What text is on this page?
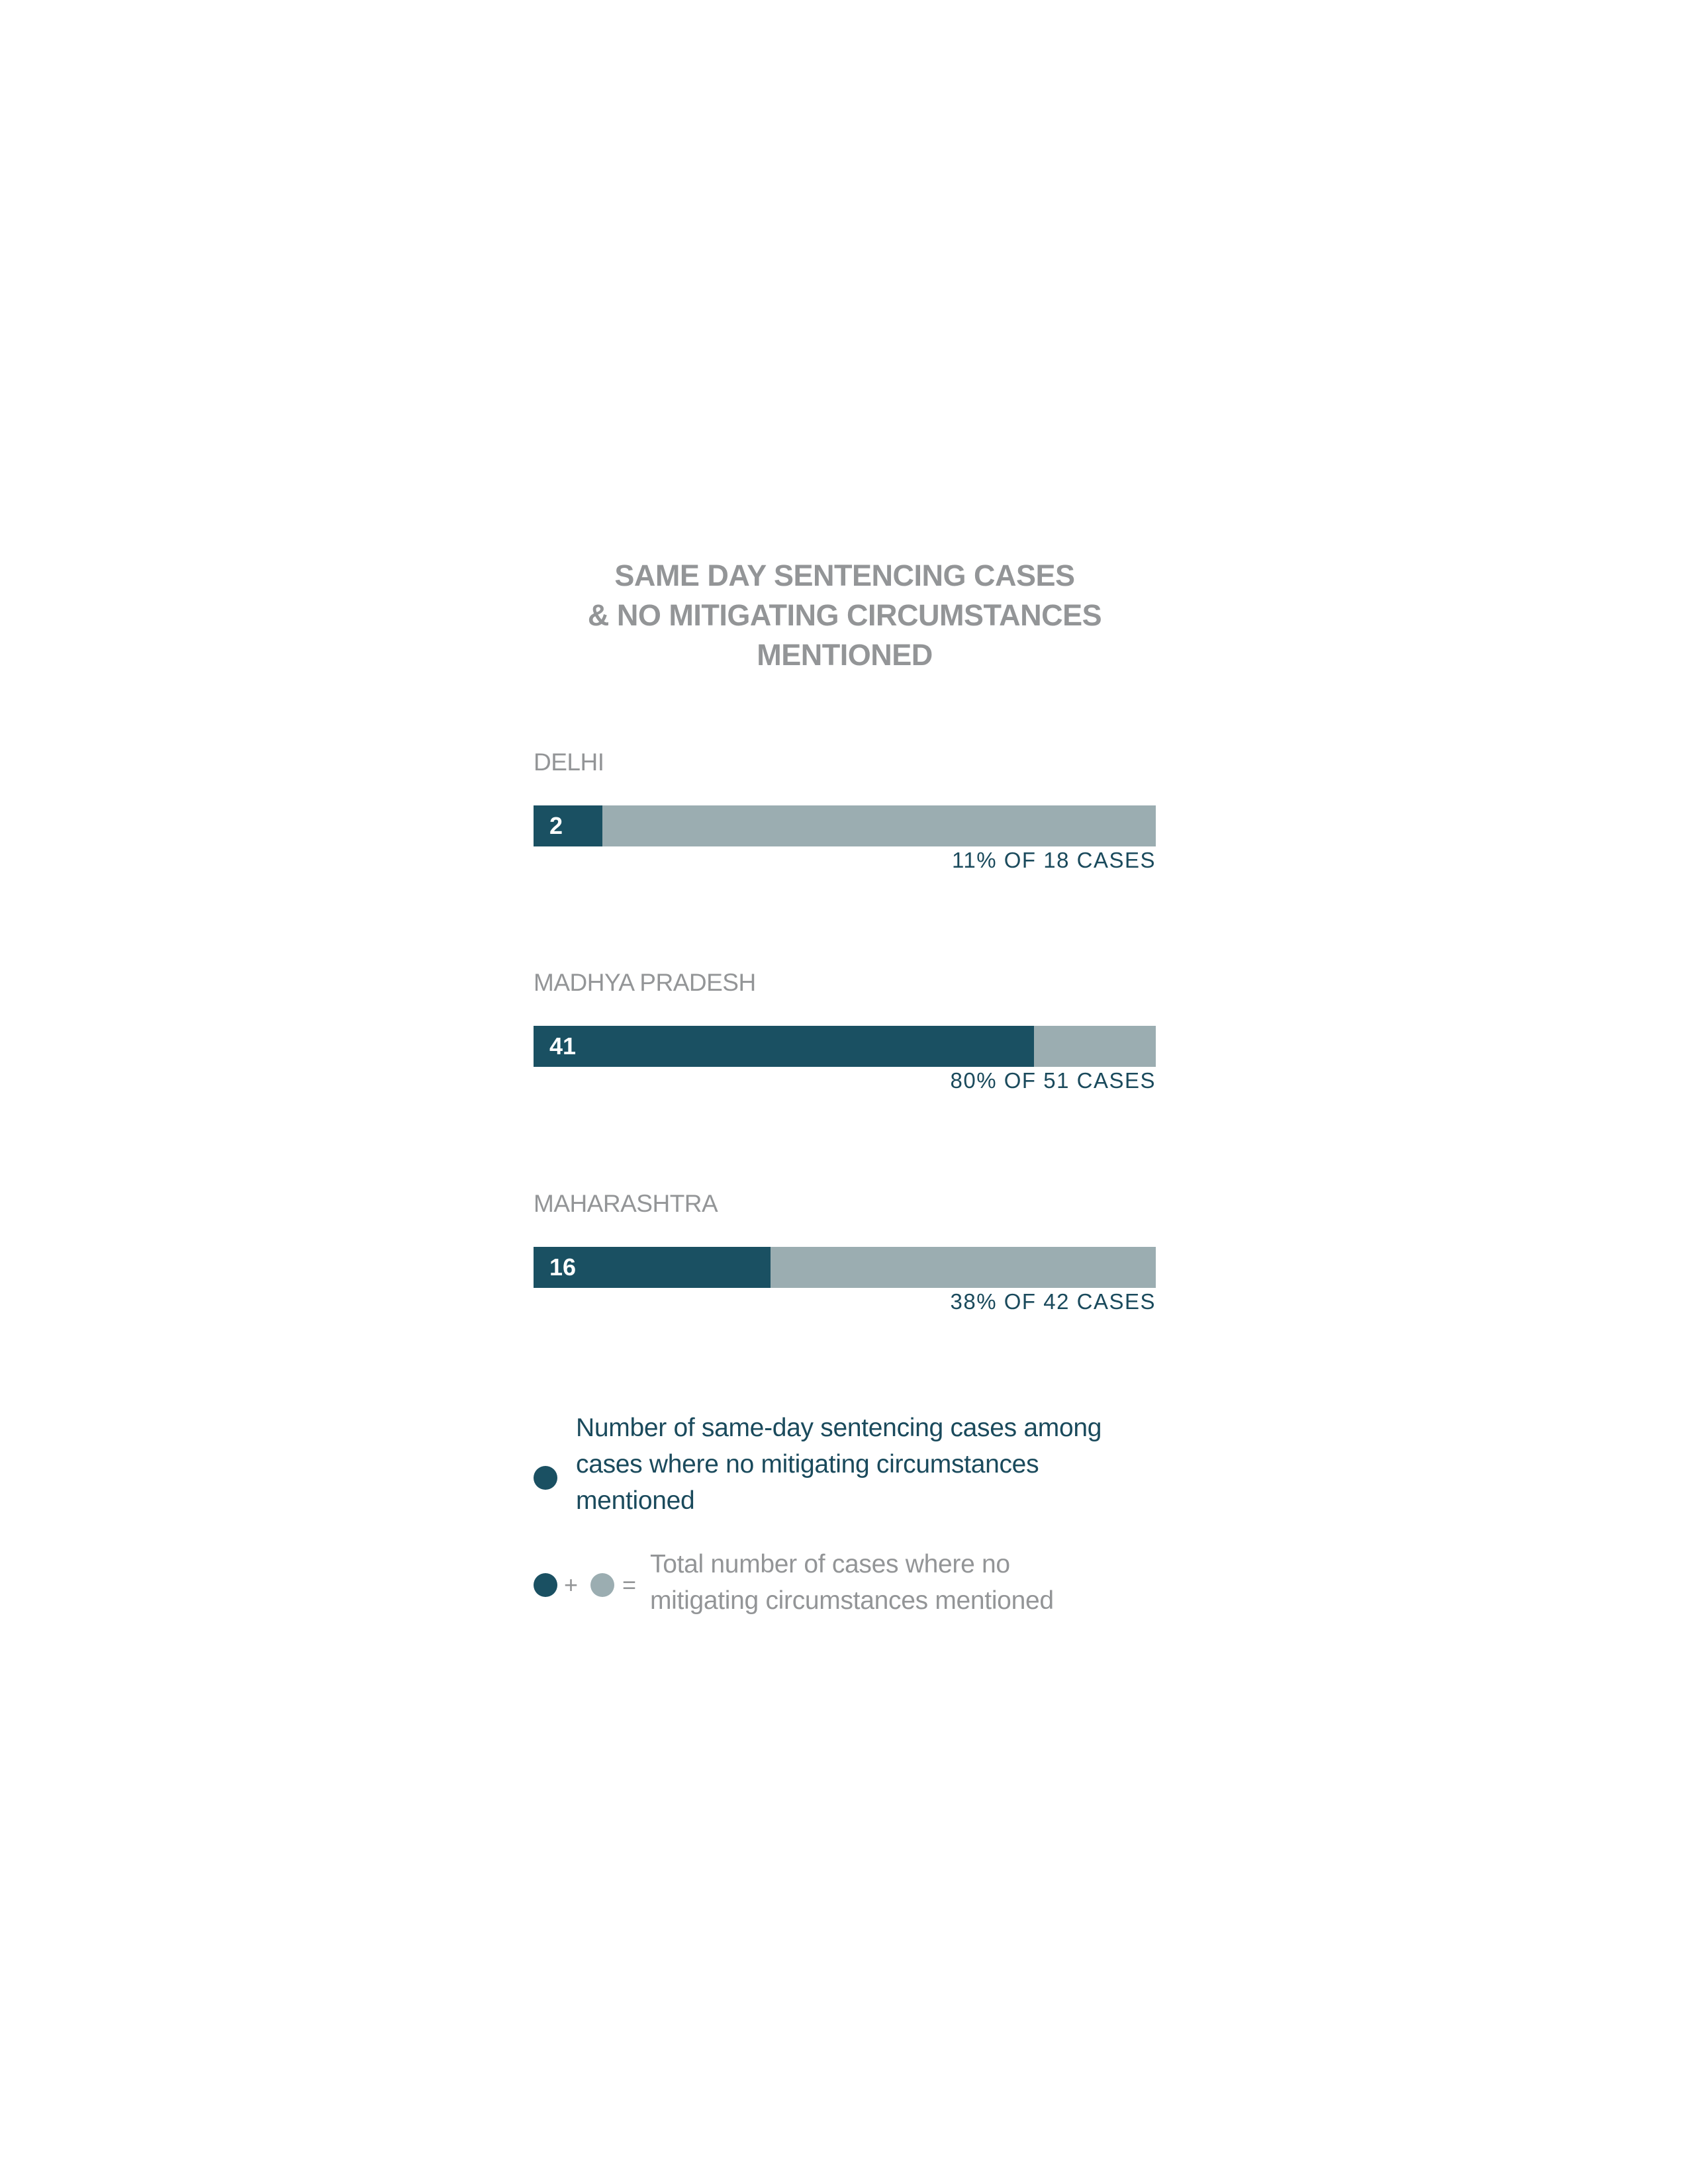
SAME DAY SENTENCING CASES
& NO MITIGATING CIRCUMSTANCES
MENTIONED
DELHI
2
11% OF 18 CASES
MADHYA PRADESH
41
80% OF 51 CASES
MAHARASHTRA
16
38% OF 42 CASES
Number of same-day sentencing cases among
cases where no mitigating circumstances
mentioned
+ =
Total number of cases where no
mitigating circumstances mentioned
